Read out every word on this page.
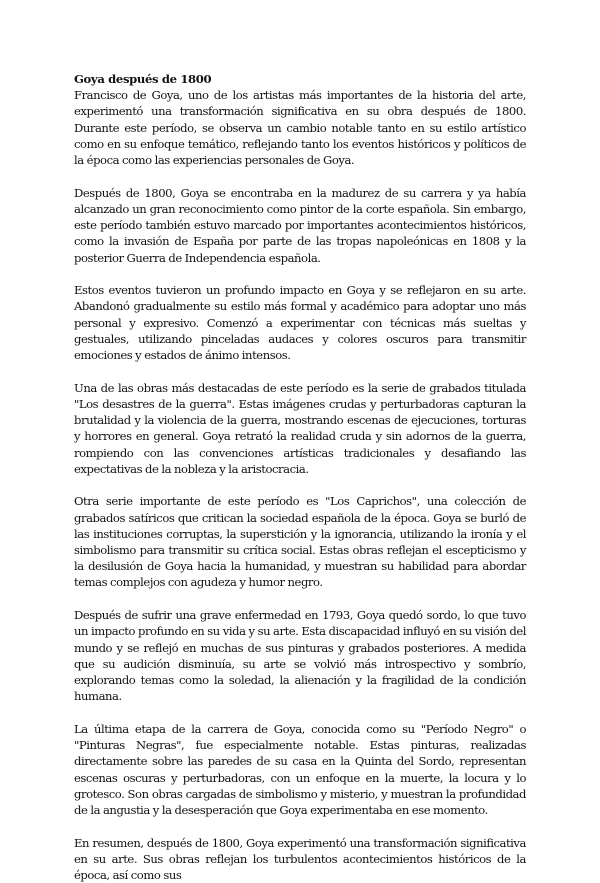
Goya después de 1800

Francisco de Goya, uno de los artistas más importantes de la historia del arte, experimentó una transformación significativa en su obra después de 1800. Durante este período, se observa un cambio notable tanto en su estilo artístico como en su enfoque temático, reflejando tanto los eventos históricos y políticos de la época como las experiencias personales de Goya.

Después de 1800, Goya se encontraba en la madurez de su carrera y ya había alcanzado un gran reconocimiento como pintor de la corte española. Sin embargo, este período también estuvo marcado por importantes acontecimientos históricos, como la invasión de España por parte de las tropas napoleónicas en 1808 y la posterior Guerra de Independencia española.

Estos eventos tuvieron un profundo impacto en Goya y se reflejaron en su arte. Abandonó gradualmente su estilo más formal y académico para adoptar uno más personal y expresivo. Comenzó a experimentar con técnicas más sueltas y gestuales, utilizando pinceladas audaces y colores oscuros para transmitir emociones y estados de ánimo intensos.

Una de las obras más destacadas de este período es la serie de grabados titulada "Los desastres de la guerra". Estas imágenes crudas y perturbadoras capturan la brutalidad y la violencia de la guerra, mostrando escenas de ejecuciones, torturas y horrores en general. Goya retrató la realidad cruda y sin adornos de la guerra, rompiendo con las convenciones artísticas tradicionales y desafiando las expectativas de la nobleza y la aristocracia.

Otra serie importante de este período es "Los Caprichos", una colección de grabados satíricos que critican la sociedad española de la época. Goya se burló de las instituciones corruptas, la superstición y la ignorancia, utilizando la ironía y el simbolismo para transmitir su crítica social. Estas obras reflejan el escepticismo y la desilusión de Goya hacia la humanidad, y muestran su habilidad para abordar temas complejos con agudeza y humor negro.

Después de sufrir una grave enfermedad en 1793, Goya quedó sordo, lo que tuvo un impacto profundo en su vida y su arte. Esta discapacidad influyó en su visión del mundo y se reflejó en muchas de sus pinturas y grabados posteriores. A medida que su audición disminuía, su arte se volvió más introspectivo y sombrío, explorando temas como la soledad, la alienación y la fragilidad de la condición humana.

La última etapa de la carrera de Goya, conocida como su "Período Negro" o "Pinturas Negras", fue especialmente notable. Estas pinturas, realizadas directamente sobre las paredes de su casa en la Quinta del Sordo, representan escenas oscuras y perturbadoras, con un enfoque en la muerte, la locura y lo grotesco. Son obras cargadas de simbolismo y misterio, y muestran la profundidad de la angustia y la desesperación que Goya experimentaba en ese momento.

En resumen, después de 1800, Goya experimentó una transformación significativa en su arte. Sus obras reflejan los turbulentos acontecimientos históricos de la época, así como sus
